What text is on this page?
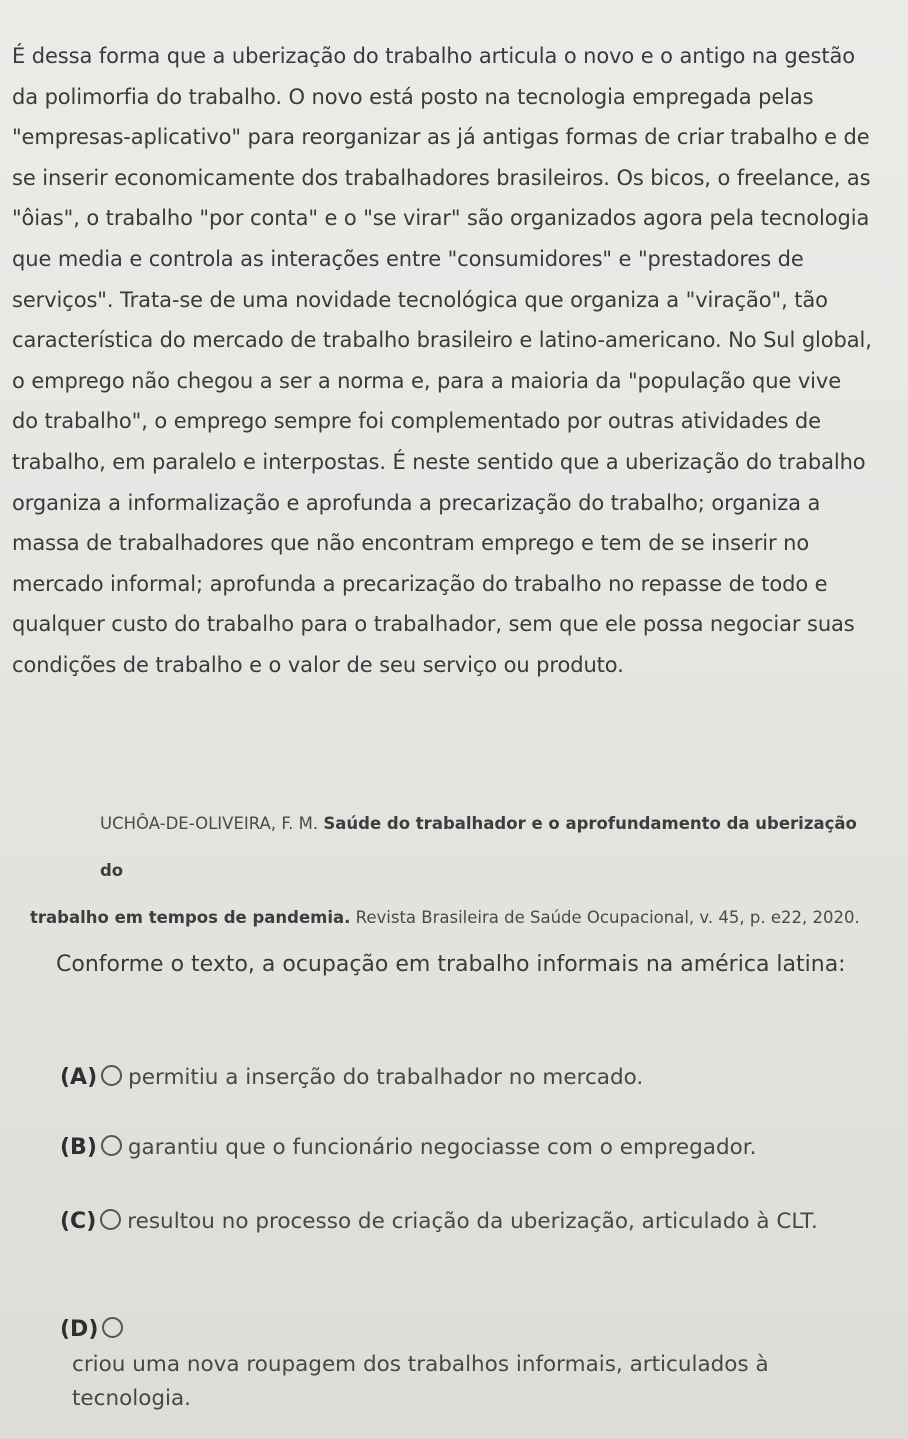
É dessa forma que a uberização do trabalho articula o novo e o antigo na gestão da polimorfia do trabalho. O novo está posto na tecnologia empregada pelas "empresas-aplicativo" para reorganizar as já antigas formas de criar trabalho e de se inserir economicamente dos trabalhadores brasileiros. Os bicos, o freelance, as "ôias", o trabalho "por conta" e o "se virar" são organizados agora pela tecnologia que media e controla as interações entre "consumidores" e "prestadores de serviços". Trata-se de uma novidade tecnológica que organiza a "viração", tão característica do mercado de trabalho brasileiro e latino-americano. No Sul global, o emprego não chegou a ser a norma e, para a maioria da "população que vive do trabalho", o emprego sempre foi complementado por outras atividades de trabalho, em paralelo e interpostas. É neste sentido que a uberização do trabalho organiza a informalização e aprofunda a precarização do trabalho; organiza a massa de trabalhadores que não encontram emprego e tem de se inserir no mercado informal; aprofunda a precarização do trabalho no repasse de todo e qualquer custo do trabalho para o trabalhador, sem que ele possa negociar suas condições de trabalho e o valor de seu serviço ou produto.

UCHÔA-DE-OLIVEIRA, F. M. Saúde do trabalhador e o aprofundamento da uberização do
trabalho em tempos de pandemia. Revista Brasileira de Saúde Ocupacional, v. 45, p. e22, 2020.

Conforme o texto, a ocupação em trabalho informais na américa latina:

(A) permitiu a inserção do trabalhador no mercado.
(B) garantiu que o funcionário negociasse com o empregador.
(C) resultou no processo de criação da uberização, articulado à CLT.
(D)
criou uma nova roupagem dos trabalhos informais, articulados à tecnologia.
